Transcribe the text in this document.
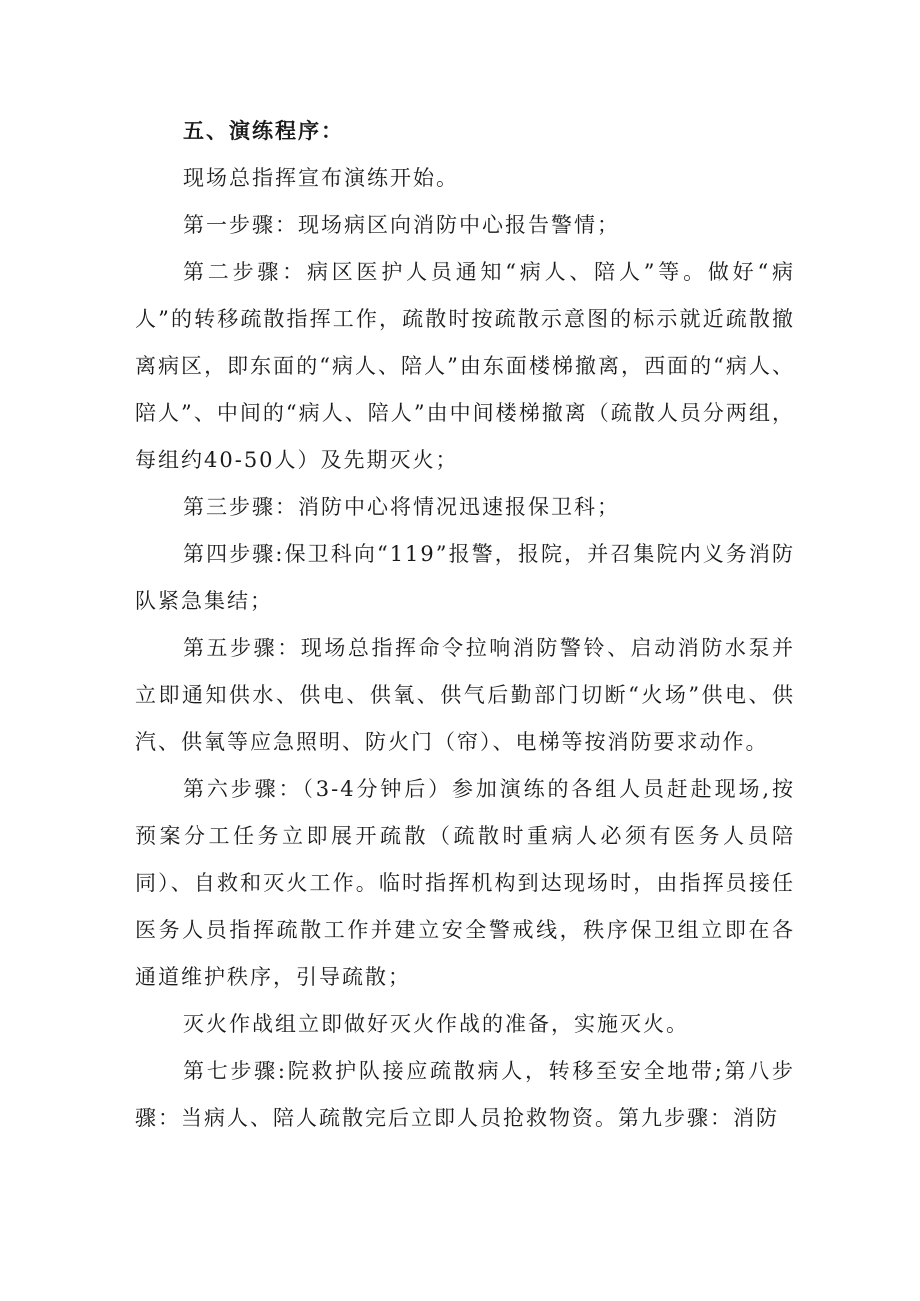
五、演练程序：

现场总指挥宣布演练开始。

第一步骤：现场病区向消防中心报告警情；

第二步骤：病区医护人员通知“病人、陪人”等。做好“病人”的转移疏散指挥工作，疏散时按疏散示意图的标示就近疏散撤离病区，即东面的“病人、陪人”由东面楼梯撤离，西面的“病人、陪人”、中间的“病人、陪人”由中间楼梯撤离（疏散人员分两组，每组约40-50人）及先期灭火；

第三步骤：消防中心将情况迅速报保卫科；

第四步骤:保卫科向“119”报警，报院，并召集院内义务消防队紧急集结；

第五步骤：现场总指挥命令拉响消防警铃、启动消防水泵并立即通知供水、供电、供氧、供气后勤部门切断“火场”供电、供汽、供氧等应急照明、防火门（帘）、电梯等按消防要求动作。

第六步骤：（3-4分钟后）参加演练的各组人员赶赴现场,按预案分工任务立即展开疏散（疏散时重病人必须有医务人员陪同）、自救和灭火工作。临时指挥机构到达现场时，由指挥员接任医务人员指挥疏散工作并建立安全警戒线，秩序保卫组立即在各通道维护秩序，引导疏散；

灭火作战组立即做好灭火作战的准备，实施灭火。

第七步骤:院救护队接应疏散病人，转移至安全地带;第八步骤：当病人、陪人疏散完后立即人员抢救物资。第九步骤：消防
